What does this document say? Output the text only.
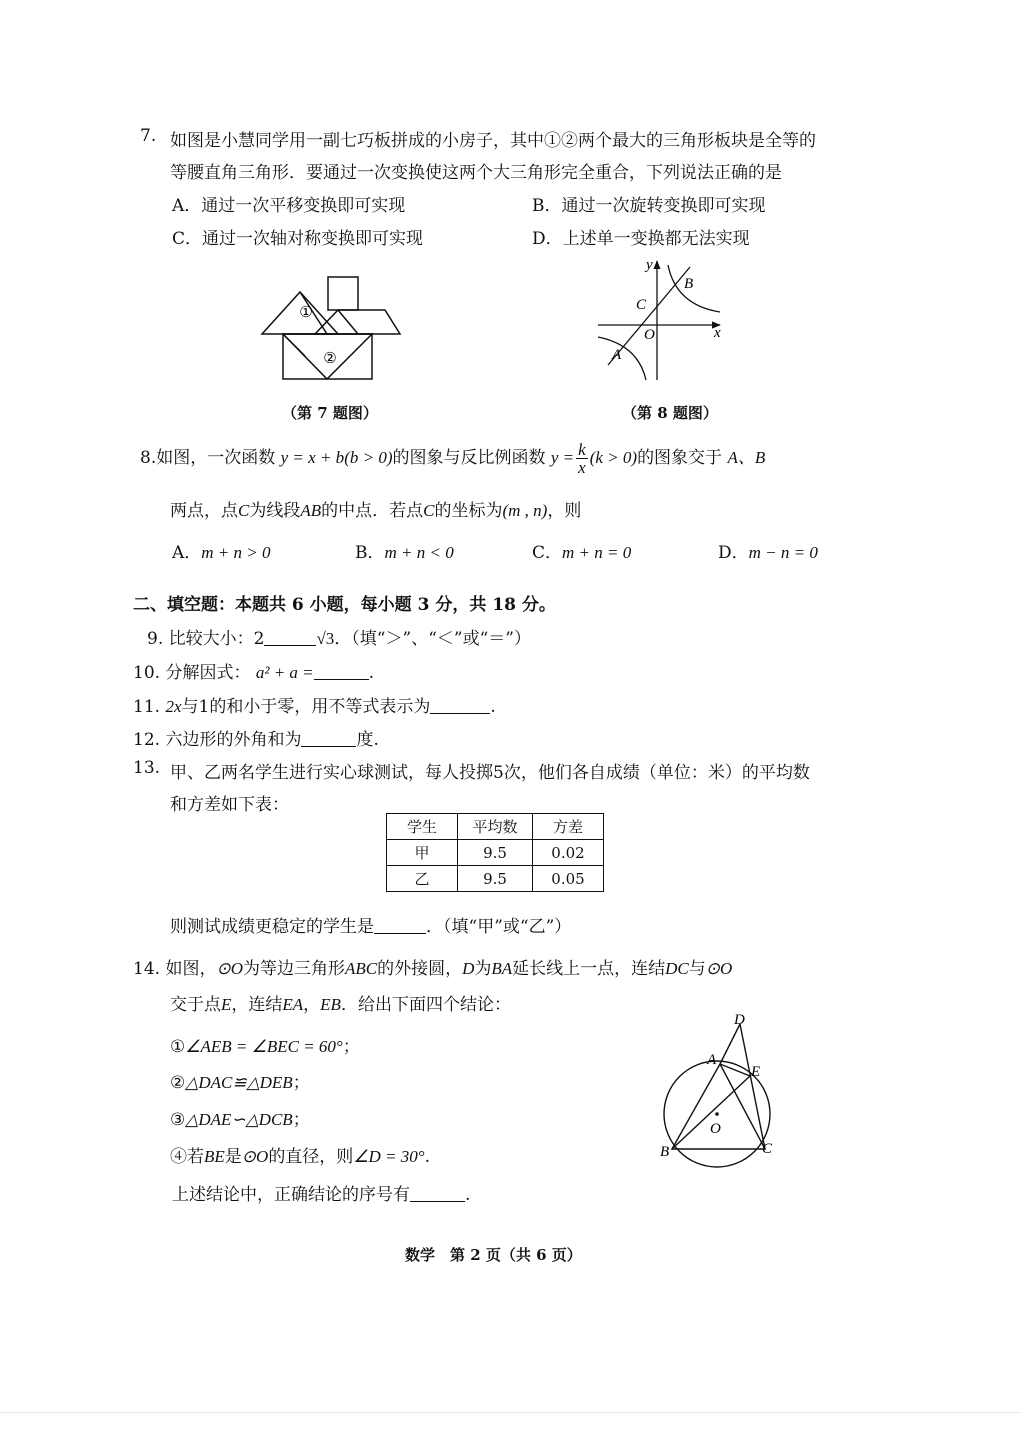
7. 如图是小慧同学用一副七巧板拼成的小房子，其中①②两个最大的三角形板块是全等的
等腰直角三角形．要通过一次变换使这两个大三角形完全重合，下列说法正确的是
A．通过一次平移变换即可实现	B．通过一次旋转变换即可实现
C．通过一次轴对称变换即可实现	D．上述单一变换都无法实现
①
②
（第 7 题图）
y
x
O
B
C
A
（第 8 题图）
8.如图，一次函数 y = x + b(b > 0)的图象与反比例函数 $y = \frac{k}{x} (k > 0)$的图象交于 A、B
两点，点C为线段AB的中点．若点C的坐标为(m , n)，则
A．m + n > 0	B．m + n < 0	C．m + n = 0	D．m − n = 0
二、填空题：本题共 6 小题，每小题 3 分，共 18 分。
9. 比较大小：2	√3．（填“＞”、“＜”或“＝”）
10. 分解因式： a² + a =	.
11. 2x与1的和小于零，用不等式表示为	.
12. 六边形的外角和为	度.
13. 甲、乙两名学生进行实心球测试，每人投掷5次，他们各自成绩（单位：米）的平均数
和方差如下表：
学生	平均数	方差
甲	9.5	0.02
乙	9.5	0.05
则测试成绩更稳定的学生是	．（填“甲”或“乙”）
14. 如图，⊙O为等边三角形ABC的外接圆，D为BA延长线上一点，连结DC与⊙O
交于点E，连结EA，EB．给出下面四个结论：
①∠AEB = ∠BEC = 60°；
②△DAC≌△DEB；
③△DAE∽△DCB；
④若BE是⊙O的直径，则∠D = 30°.
上述结论中，正确结论的序号有	.
D
A
E
O
B	C
数学　第 2 页（共 6 页）
